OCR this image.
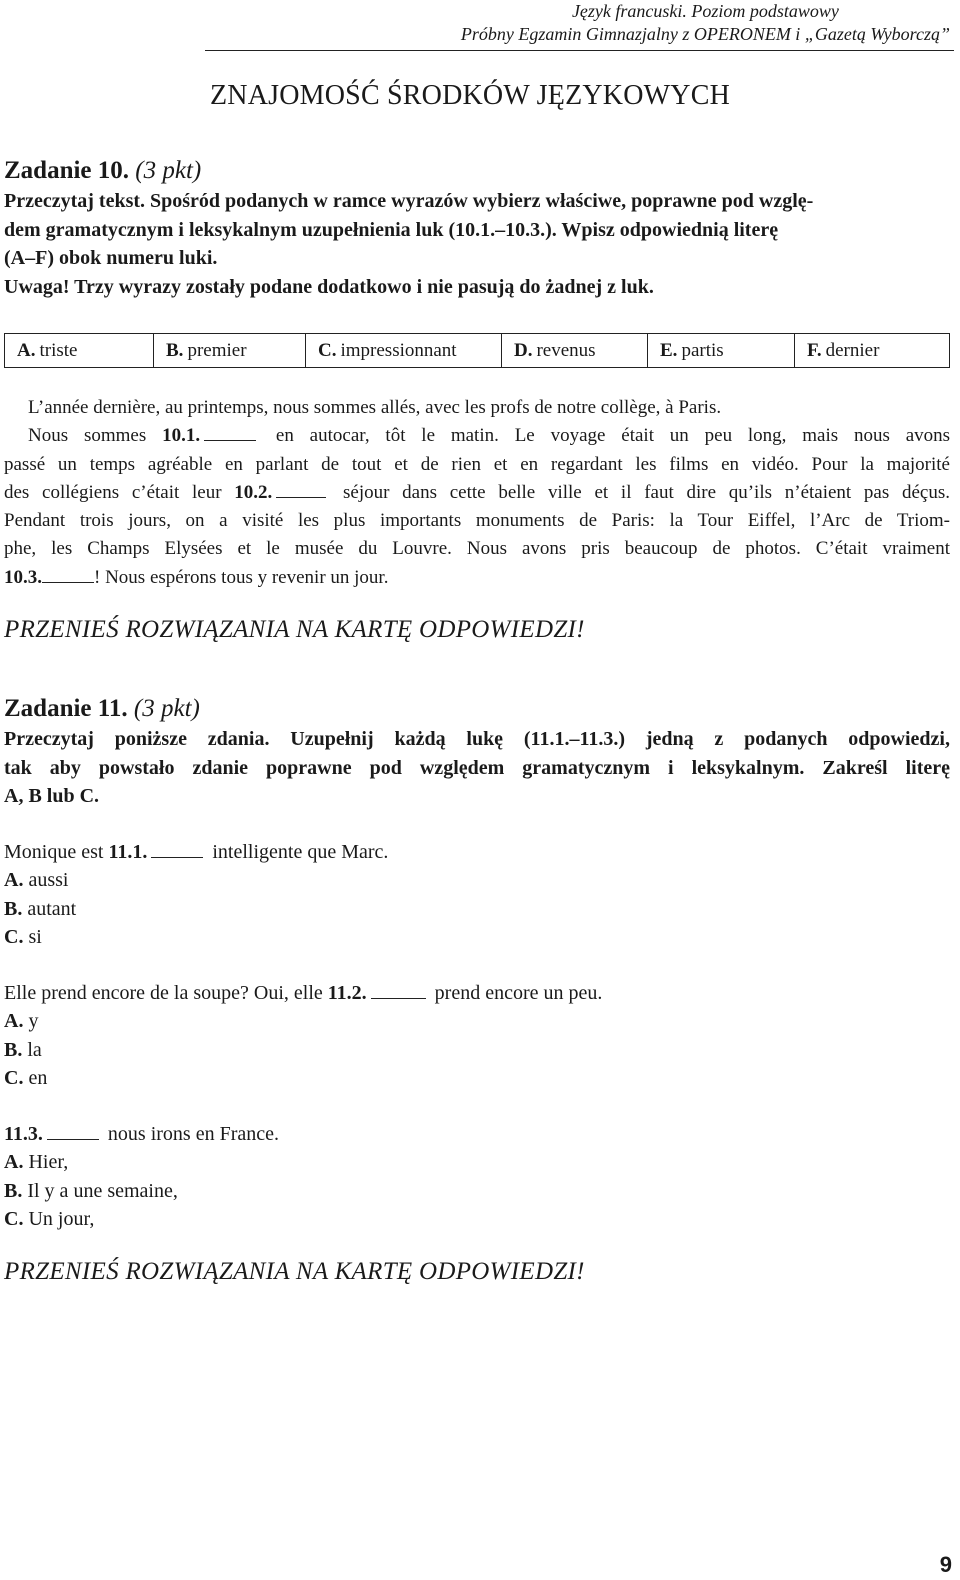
Język francuski. Poziom podstawowy
Próbny Egzamin Gimnazjalny z OPERONEM i „Gazetą Wyborczą”
ZNAJOMOŚĆ ŚRODKÓW JĘZYKOWYCH
Zadanie 10. (3 pkt)
Przeczytaj tekst. Spośród podanych w ramce wyrazów wybierz właściwe, poprawne pod wzglę-
dem gramatycznym i leksykalnym uzupełnienia luk (10.1.–10.3.). Wpisz odpowiednią literę
(A–F) obok numeru luki.
Uwaga! Trzy wyrazy zostały podane dodatkowo i nie pasują do żadnej z luk.
A. triste	B. premier	C. impressionnant	D. revenus	E. partis	F. dernier
L’année dernière, au printemps, nous sommes allés, avec les profs de notre collège, à Paris.
Nous sommes 10.1.	en autocar, tôt le matin. Le voyage était un peu long, mais nous avons
passé un temps agréable en parlant de tout et de rien et en regardant les films en vidéo. Pour la majorité
des collégiens c’était leur 10.2.	séjour dans cette belle ville et il faut dire qu’ils n’étaient pas déçus.
Pendant trois jours, on a visité les plus importants monuments de Paris: la Tour Eiffel, l’Arc de Triom-
phe, les Champs Elysées et le musée du Louvre. Nous avons pris beaucoup de photos. C’était vraiment
10.3.	! Nous espérons tous y revenir un jour.
PRZENIEŚ ROZWIĄZANIA NA KARTĘ ODPOWIEDZI!
Zadanie 11. (3 pkt)
Przeczytaj poniższe zdania. Uzupełnij każdą lukę (11.1.–11.3.) jedną z podanych odpowiedzi,
tak aby powstało zdanie poprawne pod względem gramatycznym i leksykalnym. Zakreśl literę
A, B lub C.
Monique est 11.1.	intelligente que Marc.
A. aussi
B. autant
C. si
Elle prend encore de la soupe? Oui, elle 11.2.	prend encore un peu.
A. y
B. la
C. en
11.3.	nous irons en France.
A. Hier,
B. Il y a une semaine,
C. Un jour,
PRZENIEŚ ROZWIĄZANIA NA KARTĘ ODPOWIEDZI!
9
